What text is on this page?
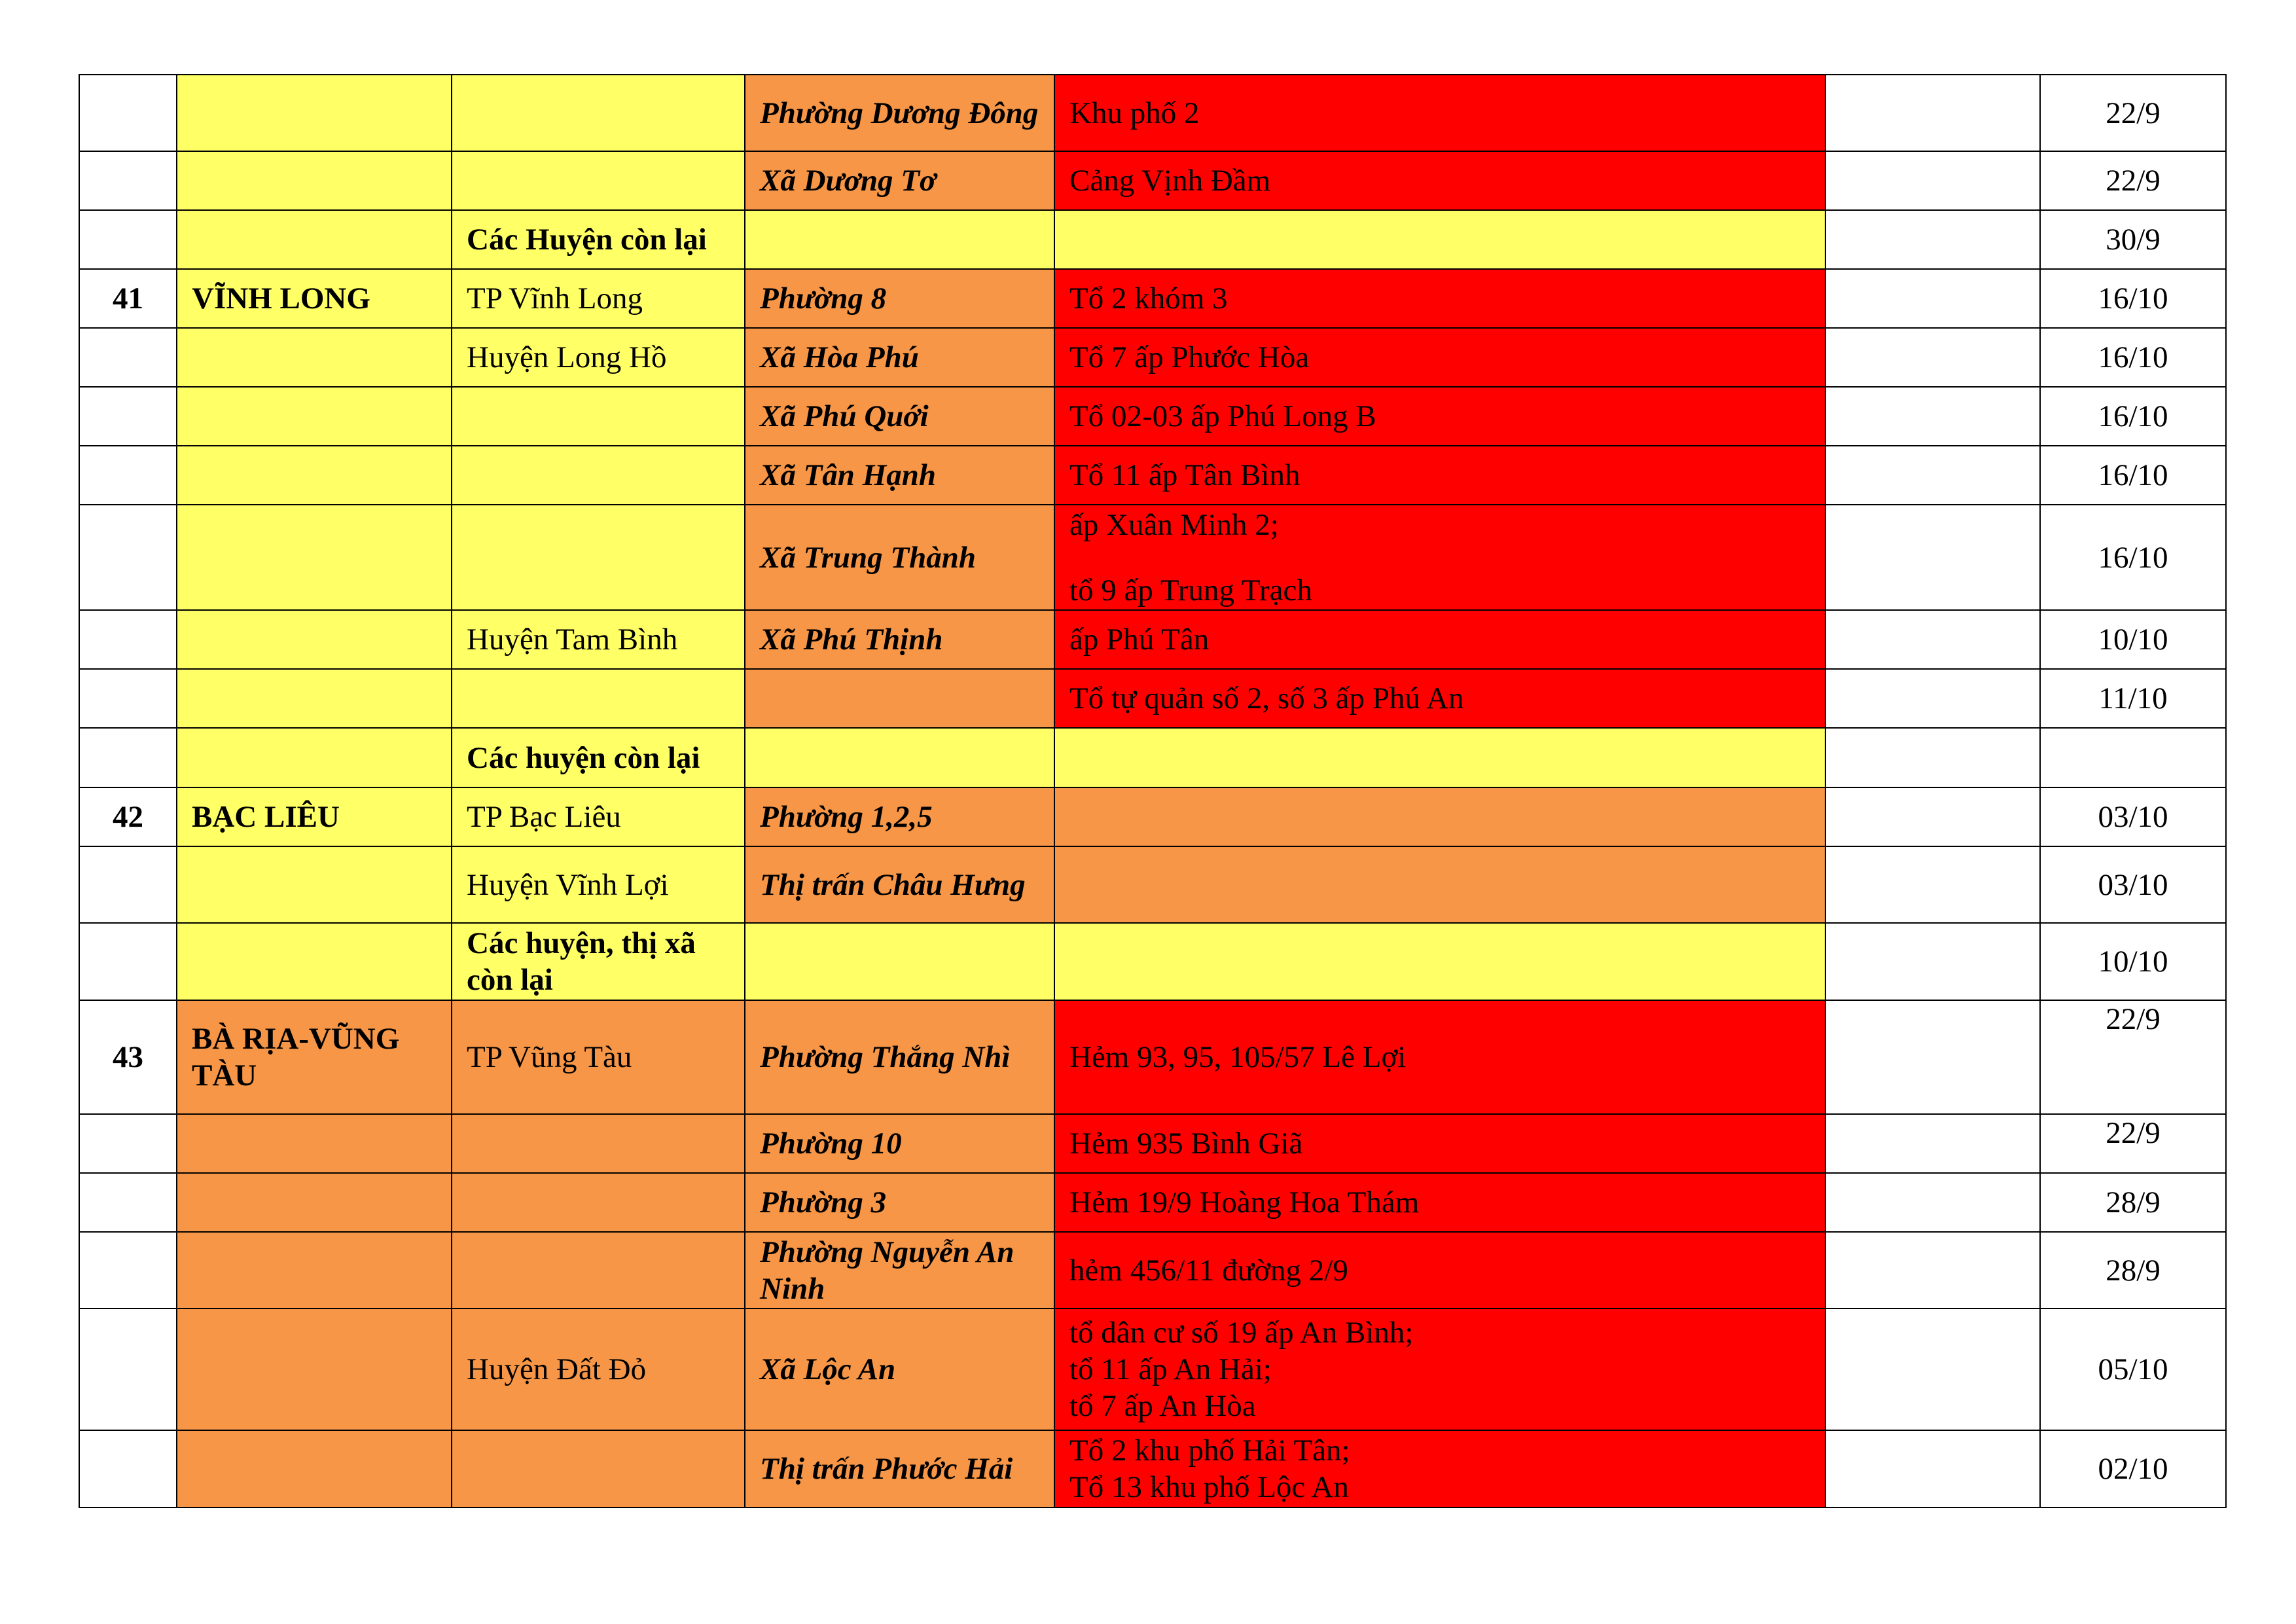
			Phường Dương Đông	Khu phố 2		22/9
			Xã Dương Tơ	Cảng Vịnh Đầm		22/9
		Các Huyện còn lại				30/9
41	VĨNH LONG	TP Vĩnh Long	Phường 8	Tổ 2 khóm 3		16/10
		Huyện Long Hồ	Xã Hòa Phú	Tổ 7 ấp Phước Hòa		16/10
			Xã Phú Quới	Tổ 02-03 ấp Phú Long B		16/10
			Xã Tân Hạnh	Tổ 11 ấp Tân Bình		16/10
			Xã Trung Thành	ấp Xuân Minh 2;
tổ 9 ấp Trung Trạch		16/10
		Huyện Tam Bình	Xã Phú Thịnh	ấp Phú Tân		10/10

				Tổ tự quản số 2, số 3 ấp Phú An		11/10
		Các huyện còn lại				
42	BẠC LIÊU	TP Bạc Liêu	Phường 1,2,5			03/10
		Huyện Vĩnh Lợi	Thị trấn Châu Hưng			03/10
		Các huyện, thị xã còn lại				10/10
43	BÀ RỊA-VŨNG TÀU	TP Vũng Tàu	Phường Thắng Nhì	Hẻm 93, 95, 105/57 Lê Lợi		22/9
			Phường 10	Hẻm 935 Bình Giã		22/9
			Phường 3	Hẻm 19/9 Hoàng Hoa Thám		28/9
			Phường Nguyễn An Ninh	hẻm 456/11 đường 2/9		28/9
		Huyện Đất Đỏ	Xã Lộc An	tổ dân cư số 19 ấp An Bình;
tổ 11 ấp An Hải;
tổ 7 ấp An Hòa		05/10
			Thị trấn Phước Hải	Tổ 2 khu phố Hải Tân;
Tổ 13 khu phố Lộc An		02/10
